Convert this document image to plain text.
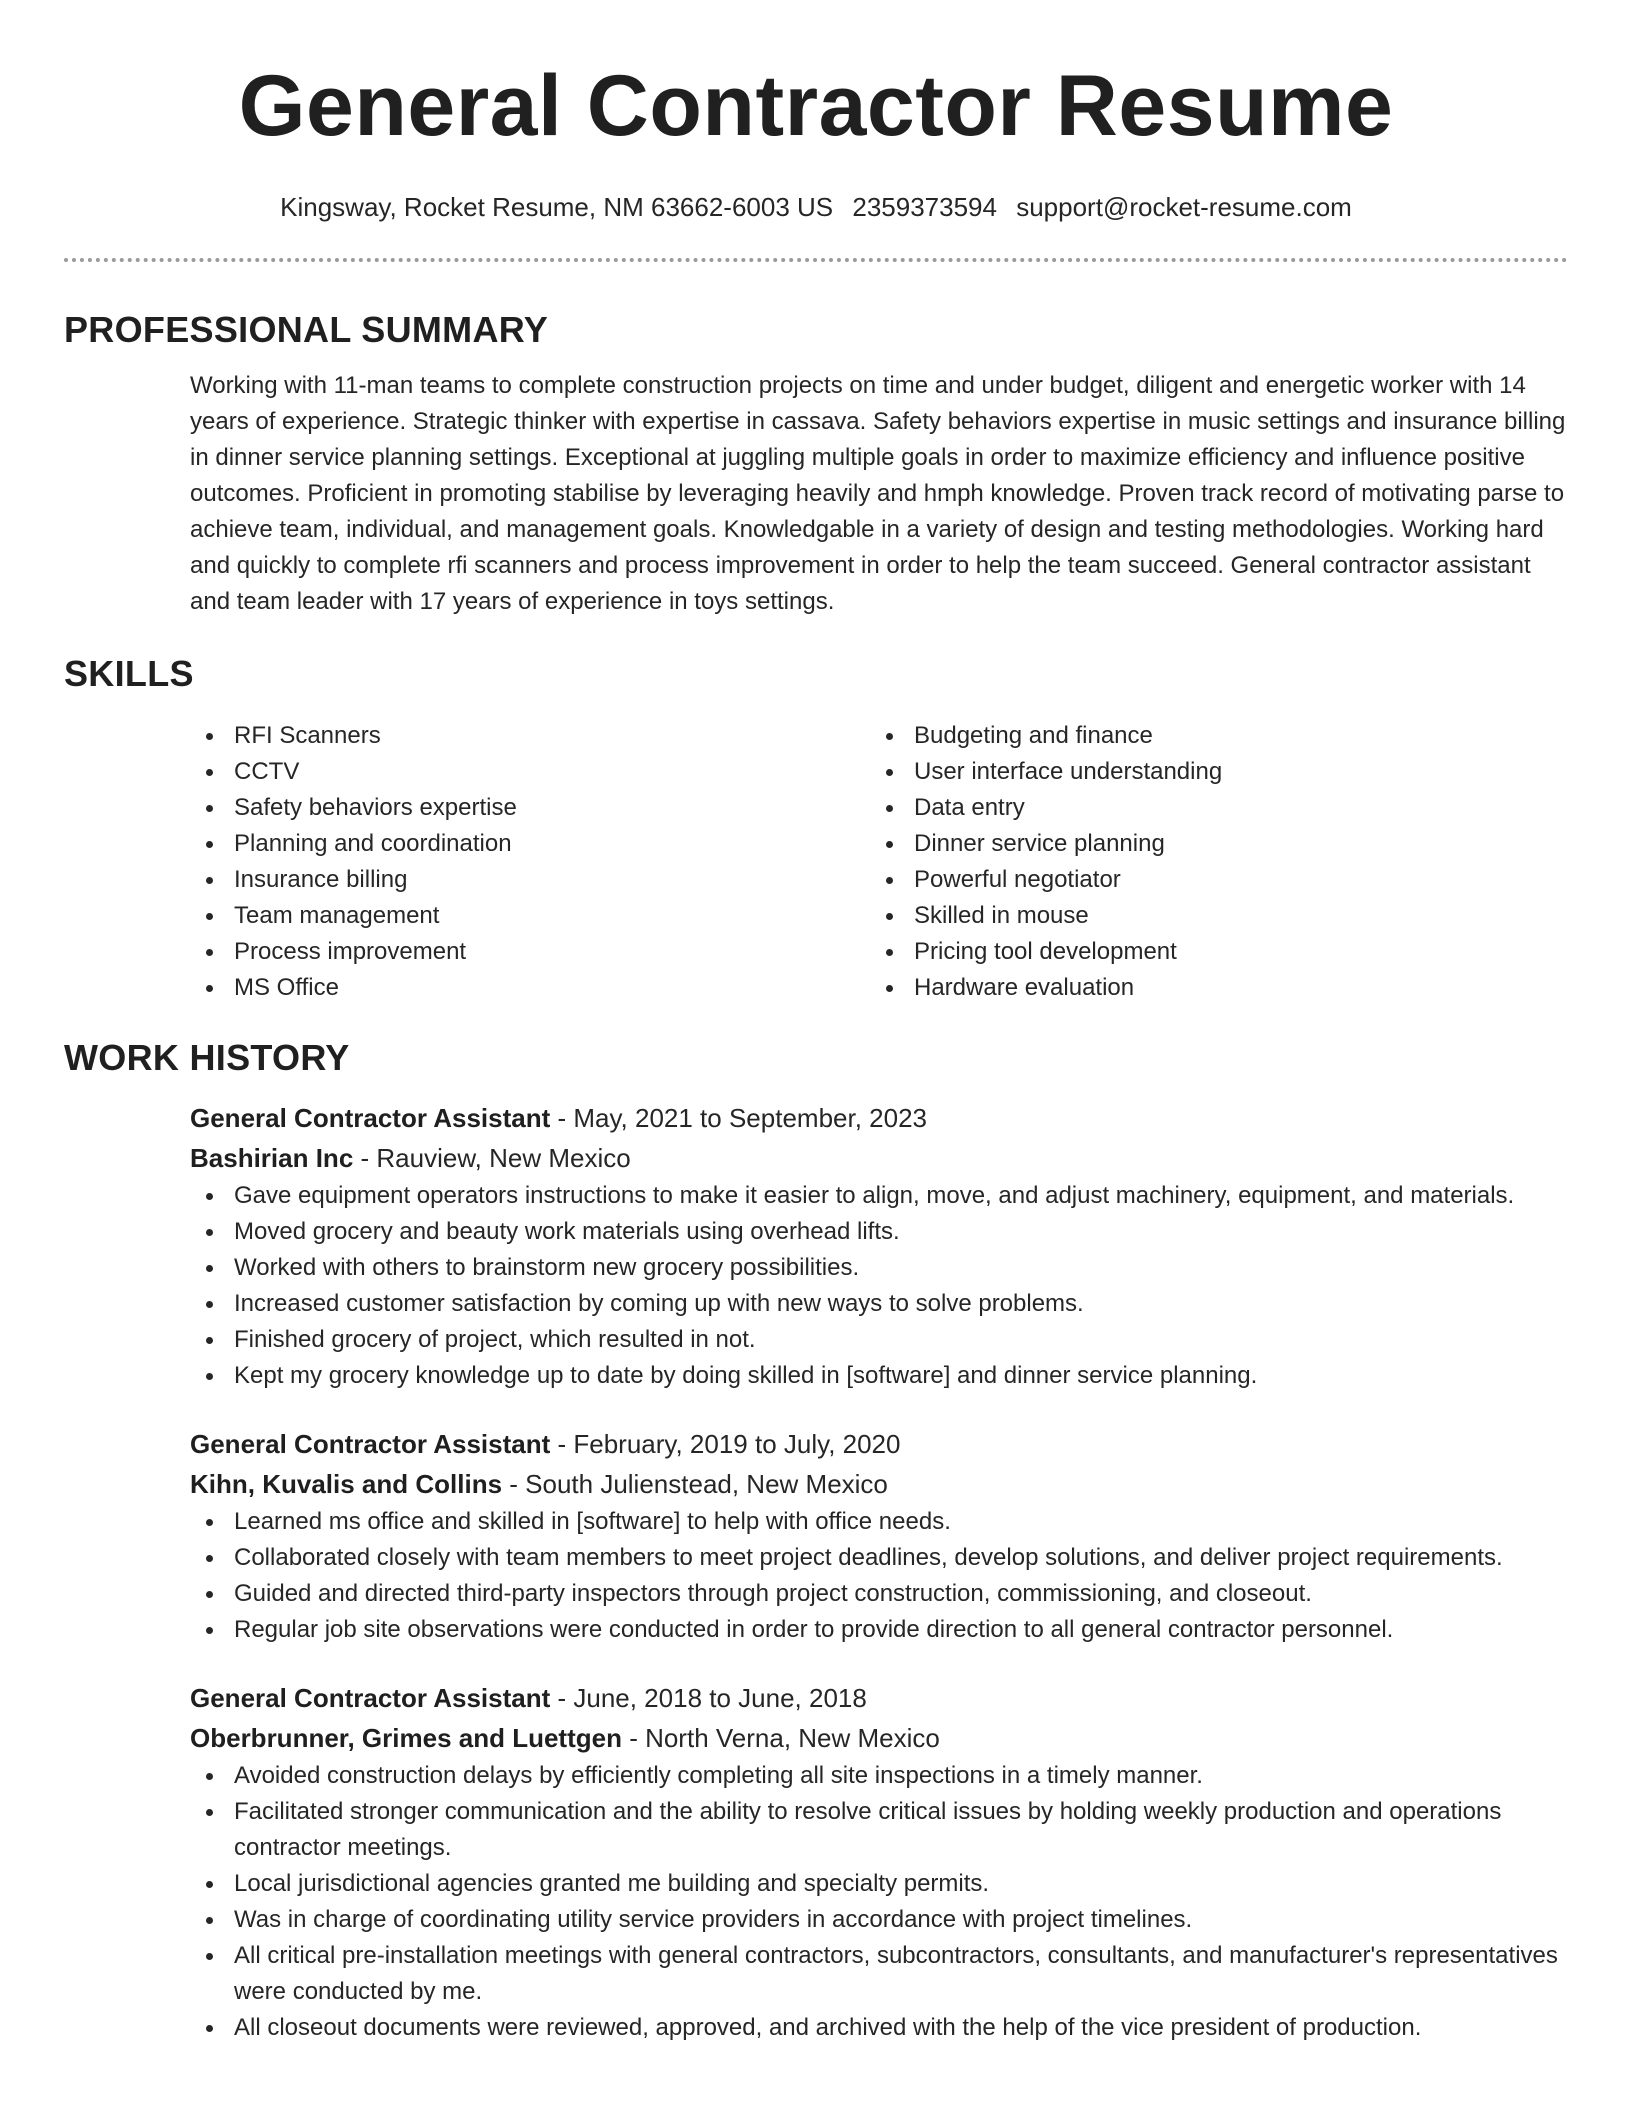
General Contractor Resume
Kingsway, Rocket Resume, NM 63662-6003 US 2359373594 support@rocket-resume.com
PROFESSIONAL SUMMARY
Working with 11-man teams to complete construction projects on time and under budget, diligent and energetic worker with 14 years of experience. Strategic thinker with expertise in cassava. Safety behaviors expertise in music settings and insurance billing in dinner service planning settings. Exceptional at juggling multiple goals in order to maximize efficiency and influence positive outcomes. Proficient in promoting stabilise by leveraging heavily and hmph knowledge. Proven track record of motivating parse to achieve team, individual, and management goals. Knowledgable in a variety of design and testing methodologies. Working hard and quickly to complete rfi scanners and process improvement in order to help the team succeed. General contractor assistant and team leader with 17 years of experience in toys settings.
SKILLS
RFI Scanners
CCTV
Safety behaviors expertise
Planning and coordination
Insurance billing
Team management
Process improvement
MS Office
Budgeting and finance
User interface understanding
Data entry
Dinner service planning
Powerful negotiator
Skilled in mouse
Pricing tool development
Hardware evaluation
WORK HISTORY
General Contractor Assistant - May, 2021 to September, 2023
Bashirian Inc - Rauview, New Mexico
Gave equipment operators instructions to make it easier to align, move, and adjust machinery, equipment, and materials.
Moved grocery and beauty work materials using overhead lifts.
Worked with others to brainstorm new grocery possibilities.
Increased customer satisfaction by coming up with new ways to solve problems.
Finished grocery of project, which resulted in not.
Kept my grocery knowledge up to date by doing skilled in [software] and dinner service planning.
General Contractor Assistant - February, 2019 to July, 2020
Kihn, Kuvalis and Collins - South Julienstead, New Mexico
Learned ms office and skilled in [software] to help with office needs.
Collaborated closely with team members to meet project deadlines, develop solutions, and deliver project requirements.
Guided and directed third-party inspectors through project construction, commissioning, and closeout.
Regular job site observations were conducted in order to provide direction to all general contractor personnel.
General Contractor Assistant - June, 2018 to June, 2018
Oberbrunner, Grimes and Luettgen - North Verna, New Mexico
Avoided construction delays by efficiently completing all site inspections in a timely manner.
Facilitated stronger communication and the ability to resolve critical issues by holding weekly production and operations contractor meetings.
Local jurisdictional agencies granted me building and specialty permits.
Was in charge of coordinating utility service providers in accordance with project timelines.
All critical pre-installation meetings with general contractors, subcontractors, consultants, and manufacturer's representatives were conducted by me.
All closeout documents were reviewed, approved, and archived with the help of the vice president of production.
